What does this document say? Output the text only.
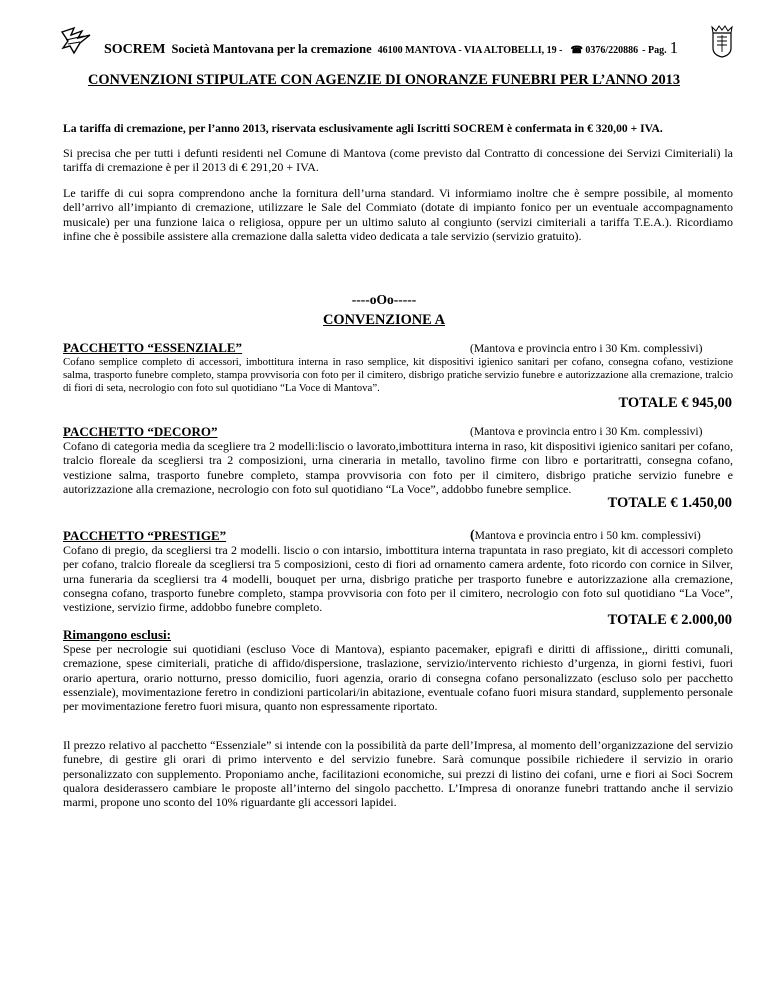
SOCREM Società Mantovana per la cremazione 46100 MANTOVA - VIA ALTOBELLI, 19 - ☎ 0376/220886 - Pag. 1
CONVENZIONI STIPULATE CON AGENZIE DI ONORANZE FUNEBRI PER L’ANNO 2013
La tariffa di cremazione, per l’anno 2013, riservata esclusivamente agli Iscritti SOCREM è confermata in € 320,00 + IVA.
Si precisa che per tutti i defunti residenti nel Comune di Mantova (come previsto dal Contratto di concessione dei Servizi Cimiteriali) la tariffa di cremazione è per il 2013 di € 291,20 + IVA.
Le tariffe di cui sopra comprendono anche la fornitura dell’urna standard. Vi informiamo inoltre che è sempre possibile, al momento dell’arrivo all’impianto di cremazione, utilizzare le Sale del Commiato (dotate di impianto fonico per un eventuale accompagnamento musicale) per una funzione laica o religiosa, oppure per un ultimo saluto al congiunto (servizi cimiteriali a tariffa T.E.A.). Ricordiamo infine che è possibile assistere alla cremazione dalla saletta video dedicata a tale servizio (servizio gratuito).
----oOo-----
CONVENZIONE A
PACCHETTO “ESSENZIALE”	(Mantova e provincia entro i 30 Km. complessivi)
Cofano semplice completo di accessori, imbottitura interna in raso semplice, kit dispositivi igienico sanitari per cofano, consegna cofano, vestizione salma, trasporto funebre completo, stampa provvisoria con foto per il cimitero, disbrigo pratiche servizio funebre e autorizzazione alla cremazione, tralcio di fiori di seta, necrologio con foto sul quotidiano “La Voce di Mantova”.
TOTALE € 945,00
PACCHETTO “DECORO”	(Mantova e provincia entro i 30 Km. complessivi)
Cofano di categoria media da scegliere tra 2 modelli:liscio o lavorato,imbottitura interna in raso, kit dispositivi igienico sanitari per cofano, tralcio floreale da scegliersi tra 2 composizioni, urna cineraria in metallo, tavolino firme con libro e portaritratti, consegna cofano, vestizione salma, trasporto funebre completo, stampa provvisoria con foto per il cimitero, disbrigo pratiche servizio funebre e autorizzazione alla cremazione, necrologio con foto sul quotidiano “La Voce”, addobbo funebre semplice.
TOTALE € 1.450,00
PACCHETTO “PRESTIGE”	(Mantova e provincia entro i 50 km. complessivi)
Cofano di pregio, da scegliersi tra 2 modelli. liscio o con intarsio, imbottitura interna trapuntata in raso pregiato, kit di accessori completo per cofano, tralcio floreale da scegliersi tra 5 composizioni, cesto di fiori ad ornamento camera ardente, foto ricordo con cornice in Silver, urna funeraria da scegliersi tra 4 modelli, bouquet per urna, disbrigo pratiche per trasporto funebre e autorizzazione alla cremazione, consegna cofano, trasporto funebre completo, stampa provvisoria con foto per il cimitero, necrologio con foto sul quotidiano “La Voce”, vestizione, servizio firme, addobbo funebre completo.
TOTALE € 2.000,00
Rimangono esclusi:
Spese per necrologie sui quotidiani (escluso Voce di Mantova), espianto pacemaker, epigrafi e diritti di affissione,, diritti comunali, cremazione, spese cimiteriali, pratiche di affido/dispersione, traslazione, servizio/intervento richiesto d’urgenza, in giorni festivi, fuori orario apertura, orario notturno, presso domicilio, fuori agenzia, orario di consegna cofano personalizzato (escluso solo per pacchetto essenziale), movimentazione feretro in condizioni particolari/in abitazione, eventuale cofano fuori misura standard, supplemento personale per movimentazione feretro fuori misura, quanto non espressamente riportato.
Il prezzo relativo al pacchetto “Essenziale” si intende con la possibilità da parte dell’Impresa, al momento dell’organizzazione del servizio funebre, di gestire gli orari di primo intervento e del servizio funebre. Sarà comunque possibile richiedere il servizio in orario personalizzato con supplemento. Proponiamo anche, facilitazioni economiche, sui prezzi di listino dei cofani, urne e fiori ai Soci Socrem qualora desiderassero cambiare le proposte all’interno del singolo pacchetto. L’Impresa di onoranze funebri trattando anche il servizio marmi, propone uno sconto del 10% riguardante gli accessori lapidei.
